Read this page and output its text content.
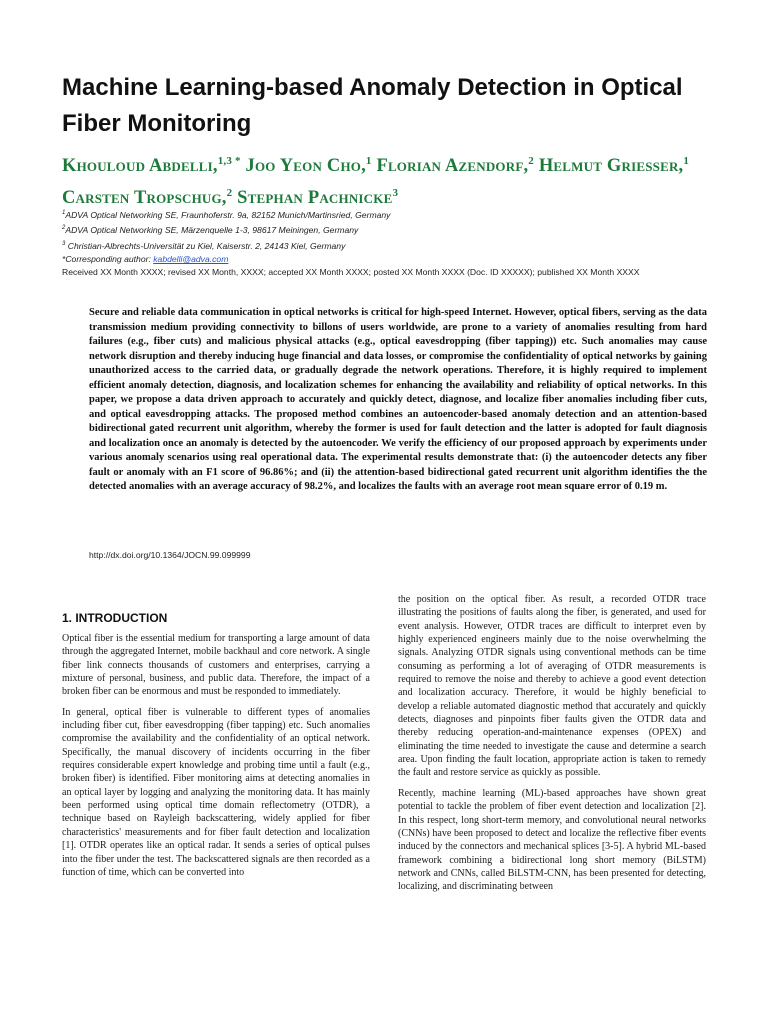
Machine Learning-based Anomaly Detection in Optical Fiber Monitoring
Khouloud Abdelli,$^{1,3 *}$ Joo Yeon Cho,$^1$ Florian Azendorf,$^2$ Helmut Griesser,$^1$ Carsten Tropschug,$^2$ Stephan Pachnicke$^3$
$^1$ADVA Optical Networking SE, Fraunhoferstr. 9a, 82152 Munich/Martinsried, Germany
$^2$ADVA Optical Networking SE, Märzenquelle 1-3, 98617 Meiningen, Germany
$^3$ Christian-Albrechts-Universität zu Kiel, Kaiserstr. 2, 24143 Kiel, Germany
*Corresponding author: kabdelli@adva.com
Received XX Month XXXX; revised XX Month, XXXX; accepted XX Month XXXX; posted XX Month XXXX (Doc. ID XXXXX); published XX Month XXXX
Secure and reliable data communication in optical networks is critical for high-speed Internet. However, optical fibers, serving as the data transmission medium providing connectivity to billons of users worldwide, are prone to a variety of anomalies resulting from hard failures (e.g., fiber cuts) and malicious physical attacks (e.g., optical eavesdropping (fiber tapping)) etc. Such anomalies may cause network disruption and thereby inducing huge financial and data losses, or compromise the confidentiality of optical networks by gaining unauthorized access to the carried data, or gradually degrade the network operations. Therefore, it is highly required to implement efficient anomaly detection, diagnosis, and localization schemes for enhancing the availability and reliability of optical networks. In this paper, we propose a data driven approach to accurately and quickly detect, diagnose, and localize fiber anomalies including fiber cuts, and optical eavesdropping attacks. The proposed method combines an autoencoder-based anomaly detection and an attention-based bidirectional gated recurrent unit algorithm, whereby the former is used for fault detection and the latter is adopted for fault diagnosis and localization once an anomaly is detected by the autoencoder. We verify the efficiency of our proposed approach by experiments under various anomaly scenarios using real operational data. The experimental results demonstrate that: (i) the autoencoder detects any fiber fault or anomaly with an F1 score of 96.86%; and (ii) the attention-based bidirectional gated recurrent unit algorithm identifies the the detected anomalies with an average accuracy of 98.2%, and localizes the faults with an average root mean square error of 0.19 m.
http://dx.doi.org/10.1364/JOCN.99.099999
1. INTRODUCTION

Optical fiber is the essential medium for transporting a large amount of data through the aggregated Internet, mobile backhaul and core network. A single fiber link connects thousands of customers and enterprises, carrying a mixture of personal, business, and public data. Therefore, the impact of a broken fiber can be enormous and must be responded to immediately.

In general, optical fiber is vulnerable to different types of anomalies including fiber cut, fiber eavesdropping (fiber tapping) etc. Such anomalies compromise the availability and the confidentiality of an optical network. Specifically, the manual discovery of incidents occurring in the fiber requires considerable expert knowledge and probing time until a fault (e.g., broken fiber) is identified. Fiber monitoring aims at detecting anomalies in an optical layer by logging and analyzing the monitoring data. It has mainly been performed using optical time domain reflectometry (OTDR), a technique based on Rayleigh backscattering, widely applied for fiber characteristics' measurements and for fiber fault detection and localization [1]. OTDR operates like an optical radar. It sends a series of optical pulses into the fiber under the test. The backscattered signals are then recorded as a function of time, which can be converted into

the position on the optical fiber. As result, a recorded OTDR trace illustrating the positions of faults along the fiber, is generated, and used for event analysis. However, OTDR traces are difficult to interpret even by highly experienced engineers mainly due to the noise overwhelming the signals. Analyzing OTDR signals using conventional methods can be time consuming as performing a lot of averaging of OTDR measurements is required to remove the noise and thereby to achieve a good event detection and localization accuracy. Therefore, it would be highly beneficial to develop a reliable automated diagnostic method that accurately and quickly detects, diagnoses and pinpoints fiber faults given the OTDR data and thereby reducing operation-and-maintenance expenses (OPEX) and eliminating the time needed to investigate the cause and determine a search area. Upon finding the fault location, appropriate action is taken to remedy the fault and restore service as quickly as possible.

Recently, machine learning (ML)-based approaches have shown great potential to tackle the problem of fiber event detection and localization [2]. In this respect, long short-term memory, and convolutional neural networks (CNNs) have been proposed to detect and localize the reflective fiber events induced by the connectors and mechanical splices [3-5]. A hybrid ML-based framework combining a bidirectional long short memory (BiLSTM) network and CNNs, called BiLSTM-CNN, has been presented for detecting, localizing, and discriminating between
